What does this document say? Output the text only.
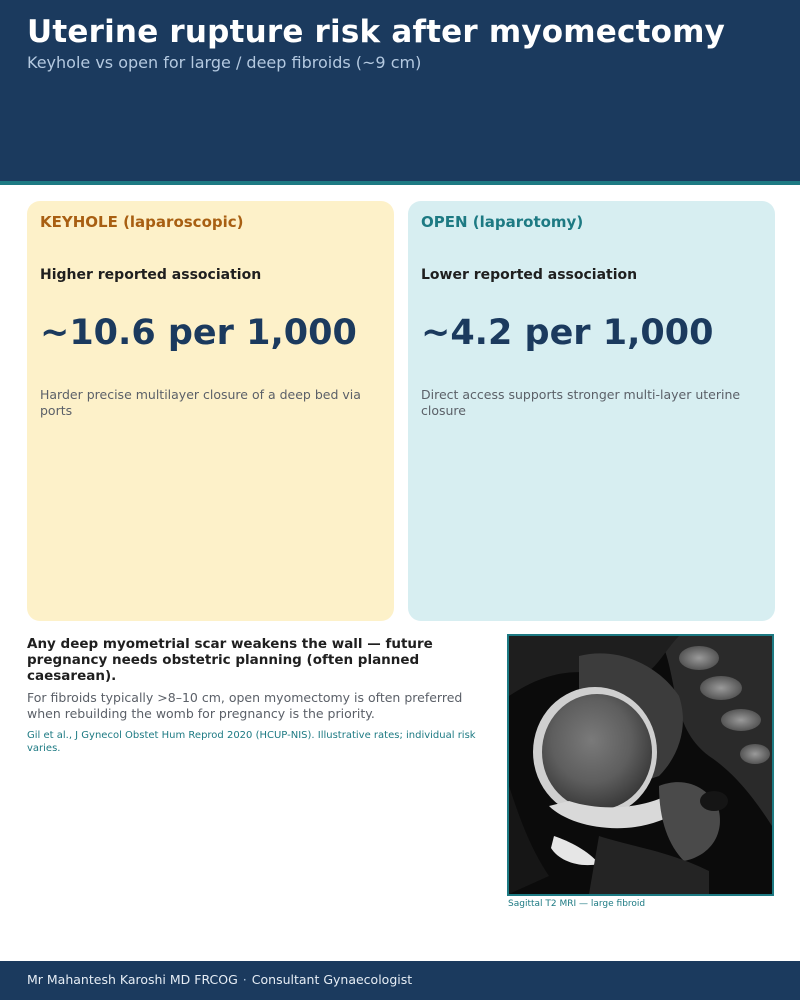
Uterine rupture risk after myomectomy
Keyhole vs open for large / deep fibroids (~9 cm)
KEYHOLE (laparoscopic)
Higher reported association
~10.6 per 1,000
Harder precise multilayer closure of a deep bed via ports
OPEN (laparotomy)
Lower reported association
~4.2 per 1,000
Direct access supports stronger multi-layer uterine closure

Any deep myometrial scar weakens the wall — future pregnancy needs obstetric planning (often planned caesarean).

For fibroids typically >8–10 cm, open myomectomy is often preferred when rebuilding the womb for pregnancy is the priority.
Gil et al., J Gynecol Obstet Hum Reprod 2020 (HCUP-NIS). Illustrative rates; individual risk varies.
Sagittal T2 MRI — large fibroid
Mr Mahantesh Karoshi MD FRCOG · Consultant Gynaecologist
